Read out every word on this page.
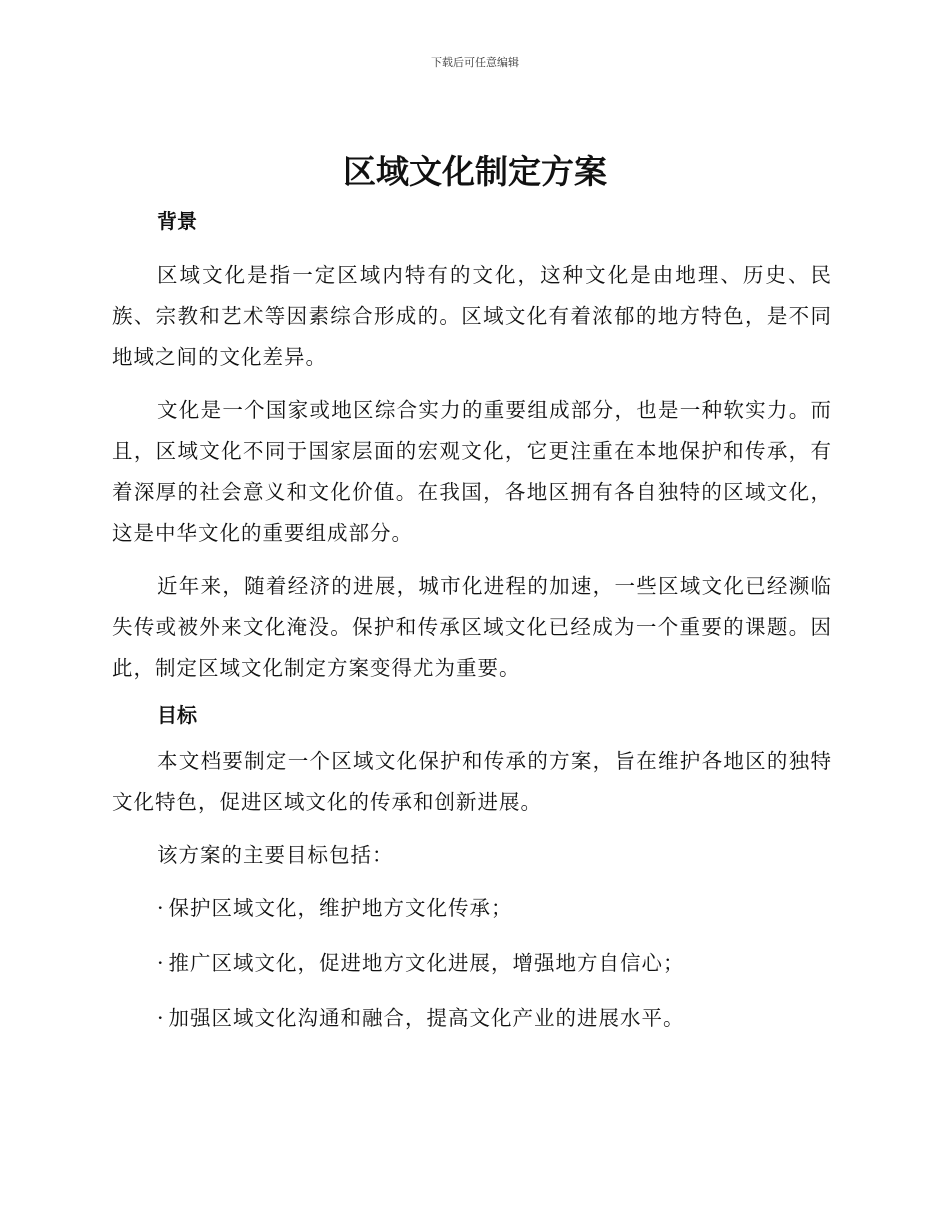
下载后可任意编辑
区域文化制定方案
背景

区域文化是指一定区域内特有的文化，这种文化是由地理、历史、民族、宗教和艺术等因素综合形成的。区域文化有着浓郁的地方特色，是不同地域之间的文化差异。

文化是一个国家或地区综合实力的重要组成部分，也是一种软实力。而且，区域文化不同于国家层面的宏观文化，它更注重在本地保护和传承，有着深厚的社会意义和文化价值。在我国，各地区拥有各自独特的区域文化，这是中华文化的重要组成部分。

近年来，随着经济的进展，城市化进程的加速，一些区域文化已经濒临失传或被外来文化淹没。保护和传承区域文化已经成为一个重要的课题。因此，制定区域文化制定方案变得尤为重要。

目标

本文档要制定一个区域文化保护和传承的方案，旨在维护各地区的独特文化特色，促进区域文化的传承和创新进展。

该方案的主要目标包括：

· 保护区域文化，维护地方文化传承；
· 推广区域文化，促进地方文化进展，增强地方自信心；
· 加强区域文化沟通和融合，提高文化产业的进展水平。
